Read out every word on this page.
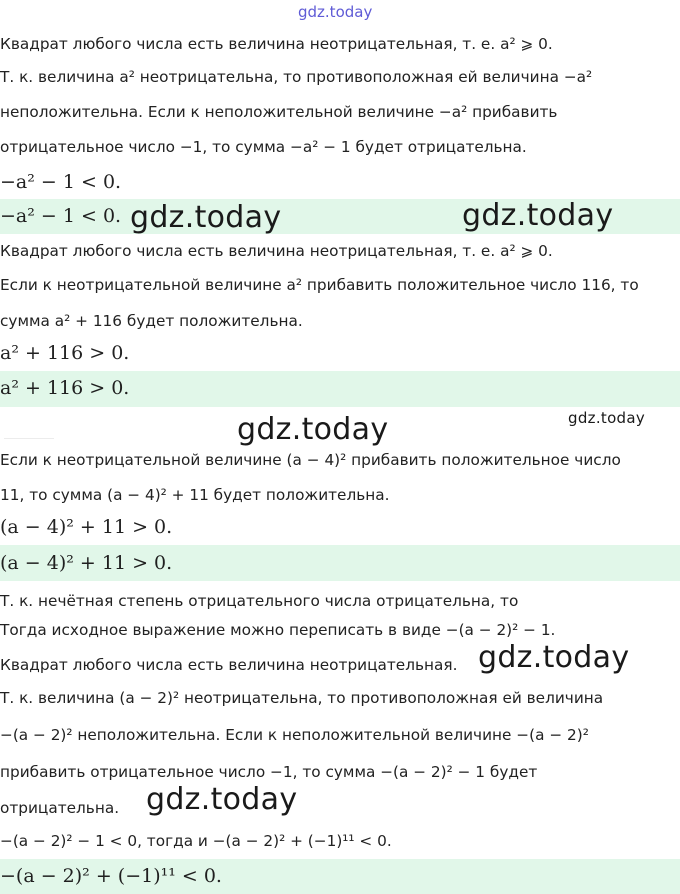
gdz.today
Квадрат любого числа есть величина неотрицательная, т. е. a² ⩾ 0.
Т. к. величина a² неотрицательна, то противоположная ей величина −a²
неположительна. Если к неположительной величине −a² прибавить
отрицательное число −1, то сумма −a² − 1 будет отрицательна.
−a² − 1 < 0.
−a² − 1 < 0. gdz.today	gdz.today
Квадрат любого числа есть величина неотрицательная, т. е. a² ⩾ 0.
Если к неотрицательной величине a² прибавить положительное число 116, то
сумма a² + 116 будет положительна.
a² + 116 > 0.
a² + 116 > 0.
gdz.today
gdz.today
Если к неотрицательной величине (a − 4)² прибавить положительное число
11, то сумма (a − 4)² + 11 будет положительна.
(a − 4)² + 11 > 0.
(a − 4)² + 11 > 0.
Т. к. нечётная степень отрицательного числа отрицательна, то
Тогда исходное выражение можно переписать в виде −(a − 2)² − 1.
Квадрат любого числа есть величина неотрицательная. gdz.today
Т. к. величина (a − 2)² неотрицательна, то противоположная ей величина
−(a − 2)² неположительна. Если к неположительной величине −(a − 2)²
прибавить отрицательное число −1, то сумма −(a − 2)² − 1 будет
отрицательна. gdz.today
−(a − 2)² − 1 < 0, тогда и −(a − 2)² + (−1)¹¹ < 0.
−(a − 2)² + (−1)¹¹ < 0.
